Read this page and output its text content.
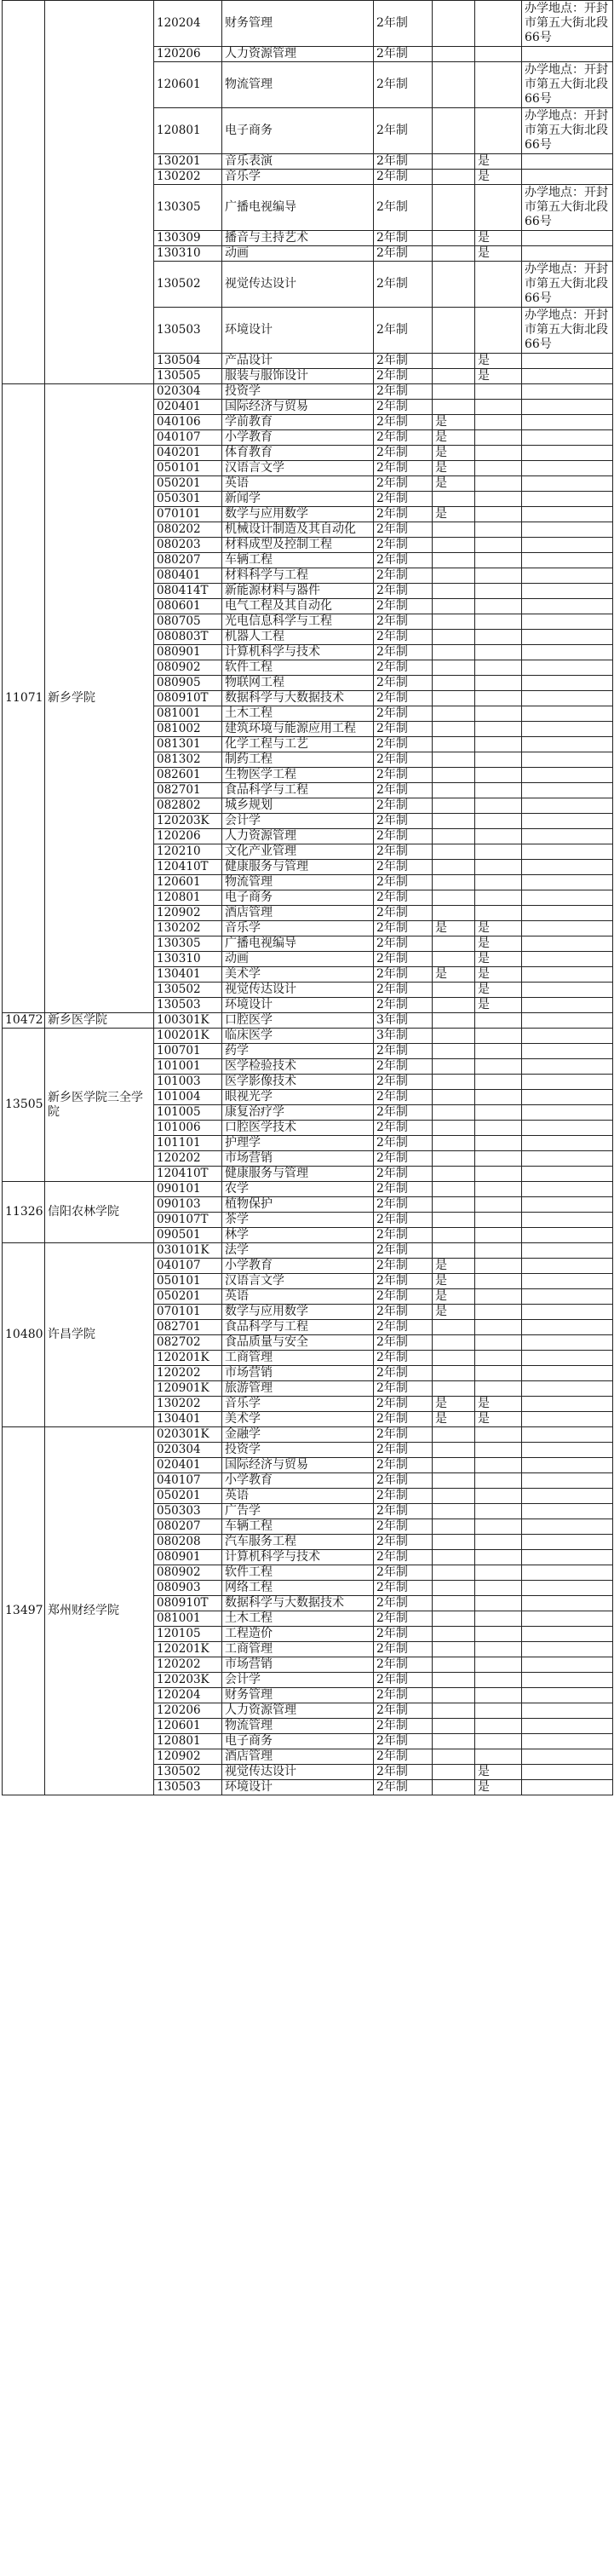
		120204	财务管理	2年制			办学地点：开封市第五大街北段66号
		120206	人力资源管理	2年制			
		120601	物流管理	2年制			办学地点：开封市第五大街北段66号
		120801	电子商务	2年制			办学地点：开封市第五大街北段66号
		130201	音乐表演	2年制		是	
		130202	音乐学	2年制		是	
		130305	广播电视编导	2年制			办学地点：开封市第五大街北段66号
		130309	播音与主持艺术	2年制		是	
		130310	动画	2年制		是	
		130502	视觉传达设计	2年制			办学地点：开封市第五大街北段66号
		130503	环境设计	2年制			办学地点：开封市第五大街北段66号
		130504	产品设计	2年制		是	
		130505	服装与服饰设计	2年制		是	
11071	新乡学院	020304	投资学	2年制			
		020401	国际经济与贸易	2年制			
		040106	学前教育	2年制	是		
		040107	小学教育	2年制	是		
		040201	体育教育	2年制	是		
		050101	汉语言文学	2年制	是		
		050201	英语	2年制	是		
		050301	新闻学	2年制			
		070101	数学与应用数学	2年制	是		
		080202	机械设计制造及其自动化	2年制			
		080203	材料成型及控制工程	2年制			
		080207	车辆工程	2年制			
		080401	材料科学与工程	2年制			
		080414T	新能源材料与器件	2年制			
		080601	电气工程及其自动化	2年制			
		080705	光电信息科学与工程	2年制			
		080803T	机器人工程	2年制			
		080901	计算机科学与技术	2年制			
		080902	软件工程	2年制			
		080905	物联网工程	2年制			
		080910T	数据科学与大数据技术	2年制			
		081001	土木工程	2年制			
		081002	建筑环境与能源应用工程	2年制			
		081301	化学工程与工艺	2年制			
		081302	制药工程	2年制			
		082601	生物医学工程	2年制			
		082701	食品科学与工程	2年制			
		082802	城乡规划	2年制			
		120203K	会计学	2年制			
		120206	人力资源管理	2年制			
		120210	文化产业管理	2年制			
		120410T	健康服务与管理	2年制			
		120601	物流管理	2年制			
		120801	电子商务	2年制			
		120902	酒店管理	2年制			
		130202	音乐学	2年制	是	是	
		130305	广播电视编导	2年制		是	
		130310	动画	2年制		是	
		130401	美术学	2年制	是	是	
		130502	视觉传达设计	2年制		是	
		130503	环境设计	2年制		是	
10472	新乡医学院	100301K	口腔医学	3年制			
13505	新乡医学院三全学院	100201K	临床医学	3年制			
		100701	药学	2年制			
		101001	医学检验技术	2年制			
		101003	医学影像技术	2年制			
		101004	眼视光学	2年制			
		101005	康复治疗学	2年制			
		101006	口腔医学技术	2年制			
		101101	护理学	2年制			
		120202	市场营销	2年制			
		120410T	健康服务与管理	2年制			
11326	信阳农林学院	090101	农学	2年制			
		090103	植物保护	2年制			
		090107T	茶学	2年制			
		090501	林学	2年制			
10480	许昌学院	030101K	法学	2年制			
		040107	小学教育	2年制	是		
		050101	汉语言文学	2年制	是		
		050201	英语	2年制	是		
		070101	数学与应用数学	2年制	是		
		082701	食品科学与工程	2年制			
		082702	食品质量与安全	2年制			
		120201K	工商管理	2年制			
		120202	市场营销	2年制			
		120901K	旅游管理	2年制			
		130202	音乐学	2年制	是	是	
		130401	美术学	2年制	是	是	
13497	郑州财经学院	020301K	金融学	2年制			
		020304	投资学	2年制			
		020401	国际经济与贸易	2年制			
		040107	小学教育	2年制			
		050201	英语	2年制			
		050303	广告学	2年制			
		080207	车辆工程	2年制			
		080208	汽车服务工程	2年制			
		080901	计算机科学与技术	2年制			
		080902	软件工程	2年制			
		080903	网络工程	2年制			
		080910T	数据科学与大数据技术	2年制			
		081001	土木工程	2年制			
		120105	工程造价	2年制			
		120201K	工商管理	2年制			
		120202	市场营销	2年制			
		120203K	会计学	2年制			
		120204	财务管理	2年制			
		120206	人力资源管理	2年制			
		120601	物流管理	2年制			
		120801	电子商务	2年制			
		120902	酒店管理	2年制			
		130502	视觉传达设计	2年制		是	
		130503	环境设计	2年制		是	
